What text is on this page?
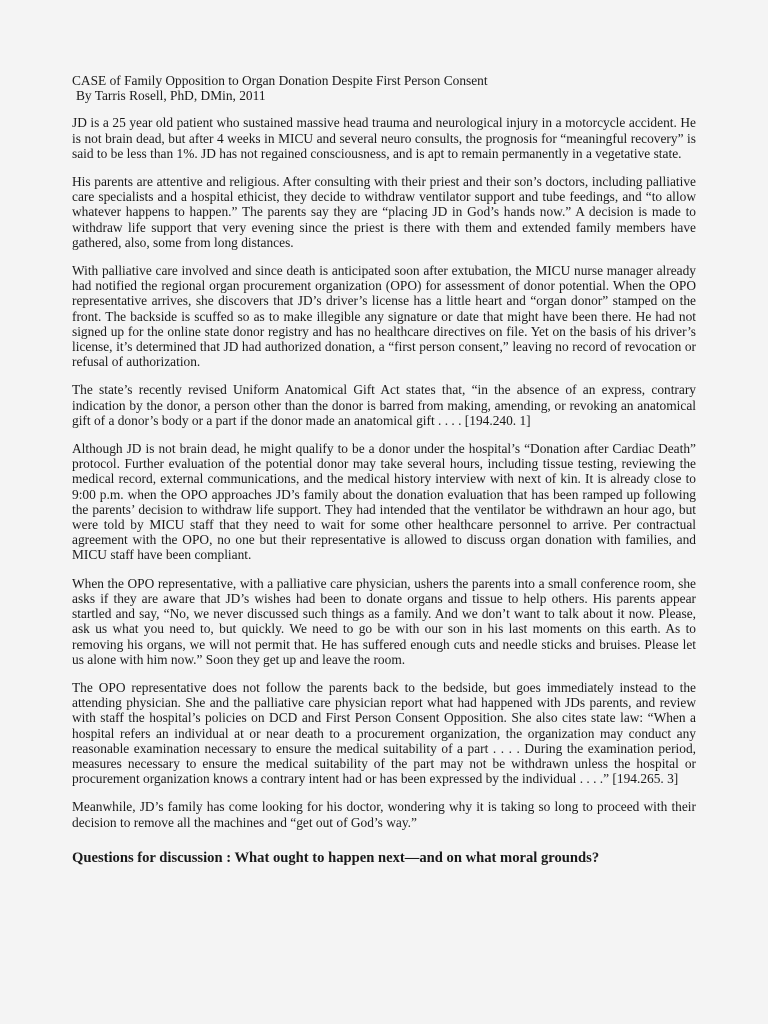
CASE of Family Opposition to Organ Donation Despite First Person Consent

By Tarris Rosell, PhD, DMin, 2011

JD is a 25 year old patient who sustained massive head trauma and neurological injury in a motorcycle accident. He is not brain dead, but after 4 weeks in MICU and several neuro consults, the prognosis for “meaningful recovery” is said to be less than 1%. JD has not regained consciousness, and is apt to remain permanently in a vegetative state.

His parents are attentive and religious. After consulting with their priest and their son’s doctors, including palliative care specialists and a hospital ethicist, they decide to withdraw ventilator support and tube feedings, and “to allow whatever happens to happen.” The parents say they are “placing JD in God’s hands now.” A decision is made to withdraw life support that very evening since the priest is there with them and extended family members have gathered, also, some from long distances.

With palliative care involved and since death is anticipated soon after extubation, the MICU nurse manager already had notified the regional organ procurement organization (OPO) for assessment of donor potential. When the OPO representative arrives, she discovers that JD’s driver’s license has a little heart and “organ donor” stamped on the front. The backside is scuffed so as to make illegible any signature or date that might have been there. He had not signed up for the online state donor registry and has no healthcare directives on file. Yet on the basis of his driver’s license, it’s determined that JD had authorized donation, a “first person consent,” leaving no record of revocation or refusal of authorization.

The state’s recently revised Uniform Anatomical Gift Act states that, “in the absence of an express, contrary indication by the donor, a person other than the donor is barred from making, amending, or revoking an anatomical gift of a donor’s body or a part if the donor made an anatomical gift . . . . [194.240. 1]

Although JD is not brain dead, he might qualify to be a donor under the hospital’s “Donation after Cardiac Death” protocol. Further evaluation of the potential donor may take several hours, including tissue testing, reviewing the medical record, external communications, and the medical history interview with next of kin. It is already close to 9:00 p.m. when the OPO approaches JD’s family about the donation evaluation that has been ramped up following the parents’ decision to withdraw life support. They had intended that the ventilator be withdrawn an hour ago, but were told by MICU staff that they need to wait for some other healthcare personnel to arrive. Per contractual agreement with the OPO, no one but their representative is allowed to discuss organ donation with families, and MICU staff have been compliant.

When the OPO representative, with a palliative care physician, ushers the parents into a small conference room, she asks if they are aware that JD’s wishes had been to donate organs and tissue to help others. His parents appear startled and say, “No, we never discussed such things as a family. And we don’t want to talk about it now. Please, ask us what you need to, but quickly. We need to go be with our son in his last moments on this earth. As to removing his organs, we will not permit that. He has suffered enough cuts and needle sticks and bruises. Please let us alone with him now.” Soon they get up and leave the room.

The OPO representative does not follow the parents back to the bedside, but goes immediately instead to the attending physician. She and the palliative care physician report what had happened with JDs parents, and review with staff the hospital’s policies on DCD and First Person Consent Opposition. She also cites state law: “When a hospital refers an individual at or near death to a procurement organization, the organization may conduct any reasonable examination necessary to ensure the medical suitability of a part . . . . During the examination period, measures necessary to ensure the medical suitability of the part may not be withdrawn unless the hospital or procurement organization knows a contrary intent had or has been expressed by the individual . . . .” [194.265. 3]

Meanwhile, JD’s family has come looking for his doctor, wondering why it is taking so long to proceed with their decision to remove all the machines and “get out of God’s way.”

Questions for discussion : What ought to happen next—and on what moral grounds?
